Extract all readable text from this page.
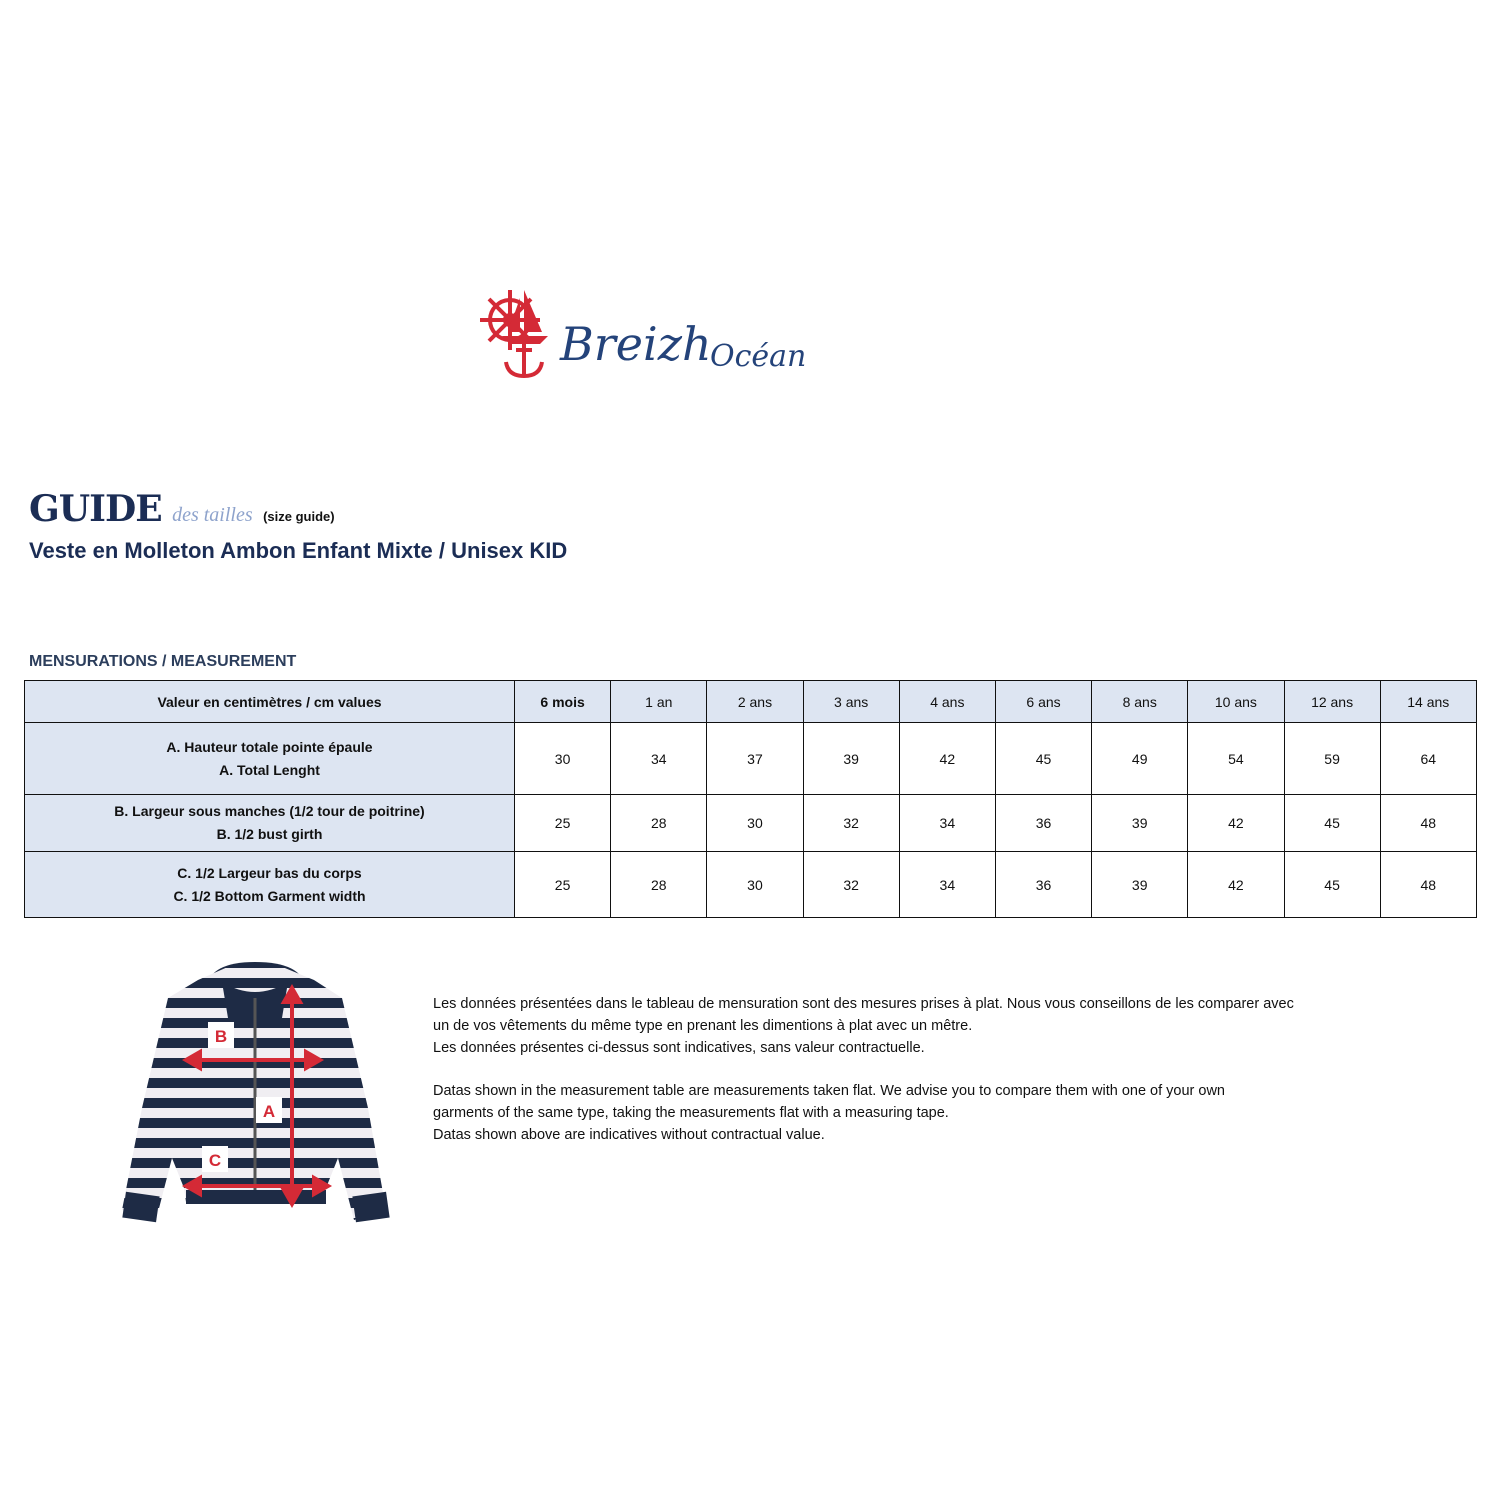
Breizh
Océan
GUIDE des tailles (size guide)
Veste en Molleton Ambon Enfant Mixte / Unisex KID
MENSURATIONS / MEASUREMENT
Valeur en centimètres / cm values	6 mois	1 an	2 ans	3 ans	4 ans	6 ans	8 ans	10 ans	12 ans	14 ans

A. Hauteur totale pointe épaule
A. Total Lenght	30	34	37	39	42	45	49	54	59	64

B. Largeur sous manches (1/2 tour de poitrine)
B. 1/2 bust girth	25	28	30	32	34	36	39	42	45	48

C. 1/2 Largeur bas du corps
C. 1/2 Bottom Garment width	25	28	30	32	34	36	39	42	45	48
B
A
C

Les données présentées dans le tableau de mensuration sont des mesures prises à plat. Nous vous conseillons de les comparer avec

un de vos vêtements du même type en prenant les dimentions à plat avec un mêtre.

Les données présentes ci-dessus sont indicatives, sans valeur contractuelle.

Datas shown in the measurement table are measurements taken flat. We advise you to compare them with one of your own

garments of the same type, taking the measurements flat with a measuring tape.

Datas shown above are indicatives without contractual value.
